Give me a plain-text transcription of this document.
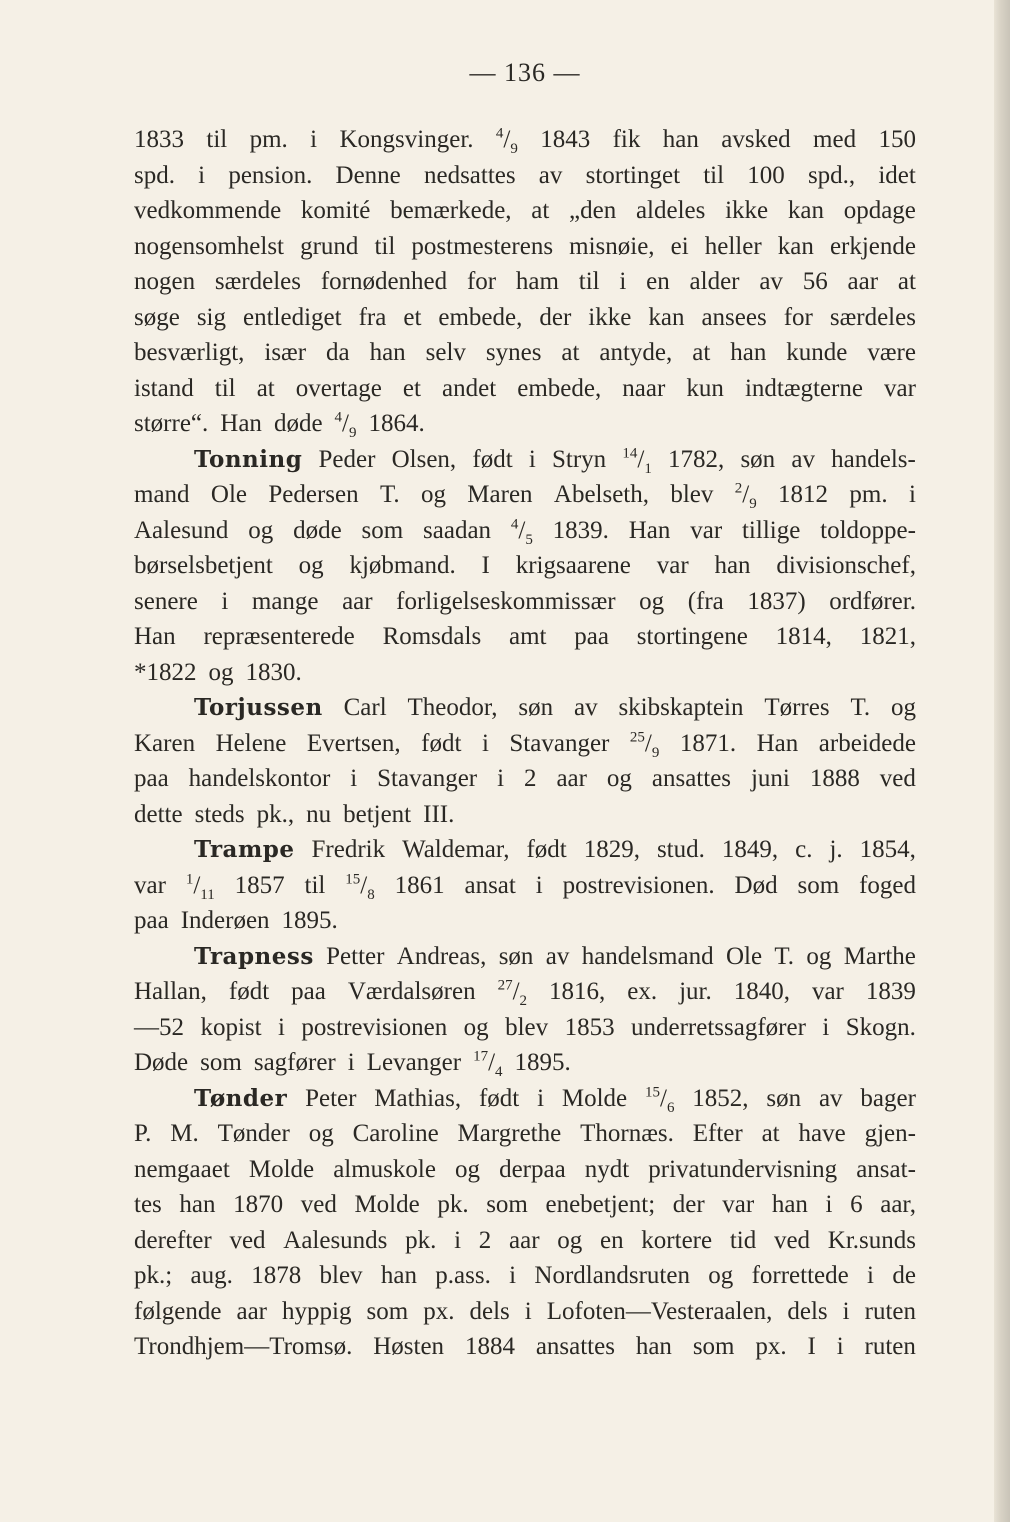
— 136 —
1833 til pm. i Kongsvinger. $^4/_9$ 1843 fik han avsked med 150
spd. i pension. Denne nedsattes av stortinget til 100 spd., idet
vedkommende komité bemærkede, at „den aldeles ikke kan opdage
nogensomhelst grund til postmesterens misnøie, ei heller kan erkjende
nogen særdeles fornødenhed for ham til i en alder av 56 aar at
søge sig entlediget fra et embede, der ikke kan ansees for særdeles
besværligt, især da han selv synes at antyde, at han kunde være
istand til at overtage et andet embede, naar kun indtægterne var
større“. Han døde $^4/_9$ 1864.
Tonning Peder Olsen, født i Stryn $^{14}/_1$ 1782, søn av handels-
mand Ole Pedersen T. og Maren Abelseth, blev $^2/_9$ 1812 pm. i
Aalesund og døde som saadan $^4/_5$ 1839. Han var tillige toldoppe-
børselsbetjent og kjøbmand. I krigsaarene var han divisionschef,
senere i mange aar forligelseskommissær og (fra 1837) ordfører.
Han repræsenterede Romsdals amt paa stortingene 1814, 1821,
*1822 og 1830.
Torjussen Carl Theodor, søn av skibskaptein Tørres T. og
Karen Helene Evertsen, født i Stavanger $^{25}/_9$ 1871. Han arbeidede
paa handelskontor i Stavanger i 2 aar og ansattes juni 1888 ved
dette steds pk., nu betjent III.
Trampe Fredrik Waldemar, født 1829, stud. 1849, c. j. 1854,
var $^1/_{11}$ 1857 til $^{15}/_8$ 1861 ansat i postrevisionen. Død som foged
paa Inderøen 1895.
Trapness Petter Andreas, søn av handelsmand Ole T. og Marthe
Hallan, født paa Værdalsøren $^{27}/_2$ 1816, ex. jur. 1840, var 1839
—52 kopist i postrevisionen og blev 1853 underretssagfører i Skogn.
Døde som sagfører i Levanger $^{17}/_4$ 1895.
Tønder Peter Mathias, født i Molde $^{15}/_6$ 1852, søn av bager
P. M. Tønder og Caroline Margrethe Thornæs. Efter at have gjen-
nemgaaet Molde almuskole og derpaa nydt privatundervisning ansat-
tes han 1870 ved Molde pk. som enebetjent; der var han i 6 aar,
derefter ved Aalesunds pk. i 2 aar og en kortere tid ved Kr.sunds
pk.; aug. 1878 blev han p.ass. i Nordlandsruten og forrettede i de
følgende aar hyppig som px. dels i Lofoten—Vesteraalen, dels i ruten
Trondhjem—Tromsø. Høsten 1884 ansattes han som px. I i ruten
